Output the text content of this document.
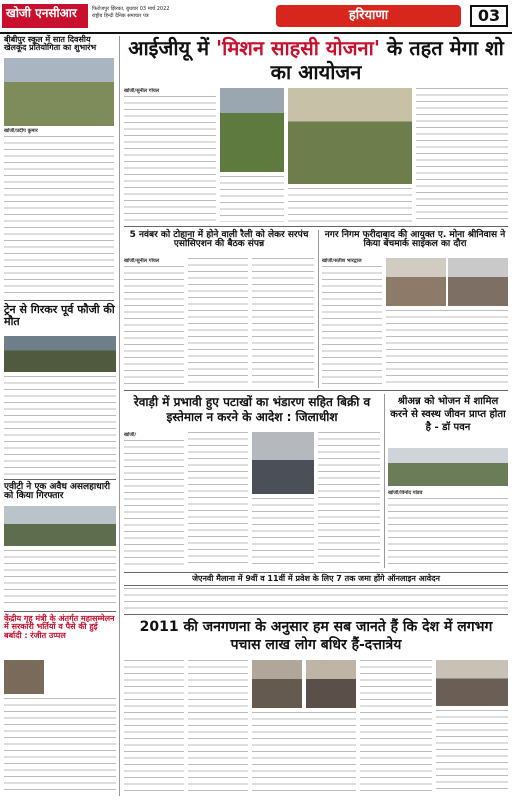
खोजी एनसीआर	फिरोजपुर झिरका, बुधवार 03 मार्च 2022
राष्ट्रीय हिन्दी दैनिक समाचार पत्र	हरियाणा	03
बीबीपुर स्कूल में सात दिवसीय खेलकूद प्रतियोगिता का शुभारंभ
खोजी/प्रदीप कुमार
ट्रेन से गिरकर पूर्व फौजी की मौत
एवीटी ने एक अवैध असलहाधारी को किया गिरफ्तार
केंद्रीय गृह मंत्री के अंतर्गत महासम्मेलन में सरकारी भर्तियों व पैसे की हुई बर्बादी : रंजीत उप्पल
आईजीयू में 'मिशन साहसी योजना' के तहत मेगा शो का आयोजन
खोजी/सुनील गोयल
5 नवंबर को टोहाना में होने वाली रैली को लेकर सरपंच एसोसिएशन की बैठक संपन्न
खोजी/सुनील गोयल
नगर निगम फरीदाबाद की आयुक्त ए. मोना श्रीनिवास ने किया बेंचमार्क साइकल का दौरा
खोजी/सतीश भारद्वाज
रेवाड़ी में प्रभावी हुए पटाखों का भंडारण सहित बिक्री व इस्तेमाल न करने के आदेश : जिलाधीश
खोजी/
श्रीअन्न को भोजन में शामिल करने से स्वस्थ जीवन प्राप्त होता है - डॉ पवन
खोजी/विनोद पांडव
जेएनवी मैलाना में 9वीं व 11वीं में प्रवेश के लिए 7 तक जमा होंगे ऑनलाइन आवेदन
2011 की जनगणना के अनुसार हम सब जानते हैं कि देश में लगभग पचास लाख लोग बधिर हैं-दत्तात्रेय
